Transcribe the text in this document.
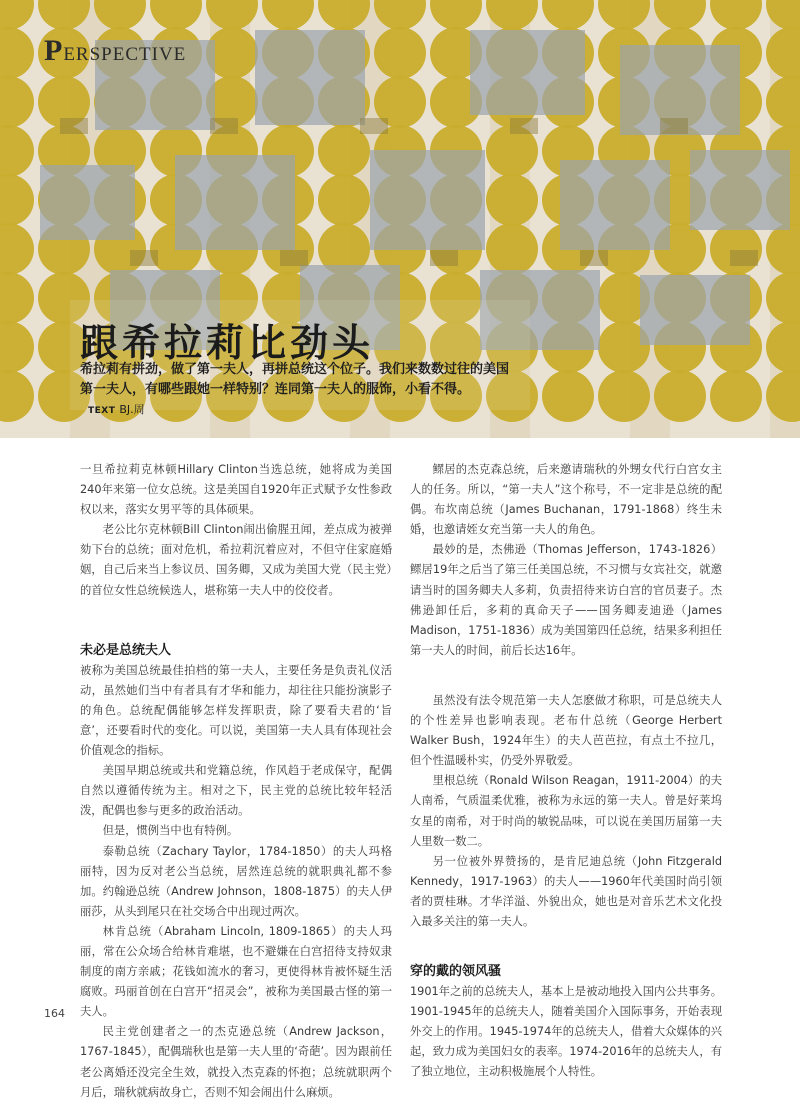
PERSPECTIVE
跟希拉莉比劲头

希拉莉有拼劲，做了第一夫人，再拼总统这个位子。我们来数数过往的美国第一夫人，有哪些跟她一样特别？连同第一夫人的服饰，小看不得。TEXT BJ.周

一旦希拉莉克林顿Hillary Clinton当选总统，她将成为美国240年来第一位女总统。这是美国自1920年正式赋予女性参政权以来，落实女男平等的具体硕果。

老公比尔克林顿Bill Clinton闹出偷腥丑闻，差点成为被弹劾下台的总统；面对危机，希拉莉沉着应对，不但守住家庭婚姻，自己后来当上参议员、国务卿，又成为美国大党（民主党）的首位女性总统候选人，堪称第一夫人中的佼佼者。

未必是总统夫人

被称为美国总统最佳拍档的第一夫人，主要任务是负责礼仪活动，虽然她们当中有者具有才华和能力，却往往只能扮演影子的角色。总统配偶能够怎样发挥职责，除了要看夫君的‘旨意’，还要看时代的变化。可以说，美国第一夫人具有体现社会价值观念的指标。

美国早期总统或共和党籍总统，作风趋于老成保守，配偶自然以遵循传统为主。相对之下，民主党的总统比较年轻活泼，配偶也参与更多的政治活动。

但是，惯例当中也有特例。

泰勒总统（Zachary Taylor，1784-1850）的夫人玛格丽特，因为反对老公当总统，居然连总统的就职典礼都不参加。约翰逊总统（Andrew Johnson，1808-1875）的夫人伊丽莎，从头到尾只在社交场合中出现过两次。

林肯总统（Abraham Lincoln, 1809-1865）的夫人玛丽，常在公众场合给林肯难堪，也不避嫌在白宫招待支持奴隶制度的南方亲戚；花钱如流水的奢习，更使得林肯被怀疑生活腐败。玛丽首创在白宫开“招灵会”，被称为美国最古怪的第一夫人。

民主党创建者之一的杰克逊总统（Andrew Jackson，1767-1845），配偶瑞秋也是第一夫人里的‘奇葩’。因为跟前任老公离婚还没完全生效，就投入杰克森的怀抱；总统就职两个月后，瑞秋就病故身亡，否则不知会闹出什么麻烦。

鳏居的杰克森总统，后来邀请瑞秋的外甥女代行白宫女主人的任务。所以，“第一夫人”这个称号，不一定非是总统的配偶。布坎南总统（James Buchanan，1791-1868）终生未婚，也邀请姪女充当第一夫人的角色。

最妙的是，杰佛逊（Thomas Jefferson，1743-1826）鳏居19年之后当了第三任美国总统，不习惯与女宾社交，就邀请当时的国务卿夫人多莉，负责招待来访白宫的官员妻子。杰佛逊卸任后，多莉的真命天子——国务卿麦迪逊（James Madison，1751-1836）成为美国第四任总统，结果多利担任第一夫人的时间，前后长达16年。

虽然没有法令规范第一夫人怎麽做才称职，可是总统夫人的个性差异也影响表现。老布什总统（George Herbert Walker Bush，1924年生）的夫人芭芭拉，有点土不拉几，但个性温暖朴实，仍受外界敬爱。

里根总统（Ronald Wilson Reagan，1911-2004）的夫人南希，气质温柔优雅，被称为永远的第一夫人。曾是好莱坞女星的南希，对于时尚的敏锐品味，可以说在美国历届第一夫人里数一数二。

另一位被外界赞扬的，是肯尼迪总统（John Fitzgerald Kennedy，1917-1963）的夫人——1960年代美国时尚引领者的贾桂琳。才华洋溢、外貌出众，她也是对音乐艺术文化投入最多关注的第一夫人。

穿的戴的领风骚

1901年之前的总统夫人，基本上是被动地投入国内公共事务。1901-1945年的总统夫人，随着美国介入国际事务，开始表现外交上的作用。1945-1974年的总统夫人，借着大众媒体的兴起，致力成为美国妇女的表率。1974-2016年的总统夫人，有了独立地位，主动积极施展个人特性。

164
